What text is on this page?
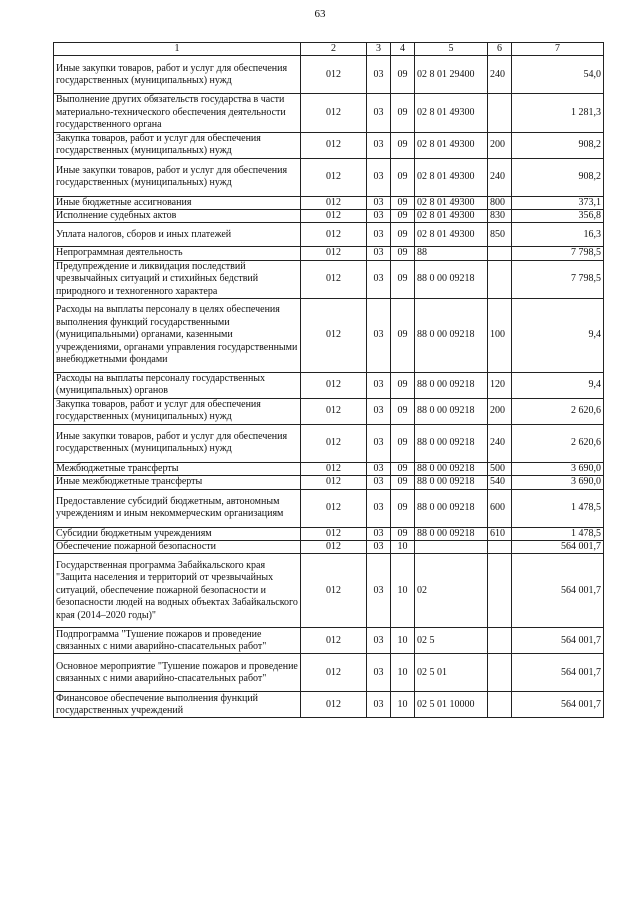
63
1	2	3	4	5	6	7
Иные закупки товаров, работ и услуг для обеспечения государственных (муниципальных) нужд	012	03	09	02 8 01 29400	240	54,0
Выполнение других обязательств государства в части материально-технического обеспечения деятельности государственного органа	012	03	09	02 8 01 49300		1 281,3
Закупка товаров, работ и услуг для обеспечения государственных (муниципальных) нужд	012	03	09	02 8 01 49300	200	908,2
Иные закупки товаров, работ и услуг для обеспечения государственных (муниципальных) нужд	012	03	09	02 8 01 49300	240	908,2
Иные бюджетные ассигнования	012	03	09	02 8 01 49300	800	373,1
Исполнение судебных актов	012	03	09	02 8 01 49300	830	356,8
Уплата налогов, сборов и иных платежей	012	03	09	02 8 01 49300	850	16,3
Непрограммная деятельность	012	03	09	88		7 798,5
Предупреждение и ликвидация последствий чрезвычайных ситуаций и стихийных бедствий природного и техногенного характера	012	03	09	88 0 00 09218		7 798,5
Расходы на выплаты персоналу в целях обеспечения выполнения функций государственными (муниципальными) органами, казенными учреждениями, органами управления государственными внебюджетными фондами	012	03	09	88 0 00 09218	100	9,4
Расходы на выплаты персоналу государственных (муниципальных) органов	012	03	09	88 0 00 09218	120	9,4
Закупка товаров, работ и услуг для обеспечения государственных (муниципальных) нужд	012	03	09	88 0 00 09218	200	2 620,6
Иные закупки товаров, работ и услуг для обеспечения государственных (муниципальных) нужд	012	03	09	88 0 00 09218	240	2 620,6
Межбюджетные трансферты	012	03	09	88 0 00 09218	500	3 690,0
Иные межбюджетные трансферты	012	03	09	88 0 00 09218	540	3 690,0
Предоставление субсидий бюджетным, автономным учреждениям и иным некоммерческим организациям	012	03	09	88 0 00 09218	600	1 478,5
Субсидии бюджетным учреждениям	012	03	09	88 0 00 09218	610	1 478,5
Обеспечение пожарной безопасности	012	03	10			564 001,7
Государственная программа Забайкальского края "Защита населения и территорий от чрезвычайных ситуаций, обеспечение пожарной безопасности и безопасности людей на водных объектах Забайкальского края (2014–2020 годы)"	012	03	10	02		564 001,7
Подпрограмма "Тушение пожаров и проведение связанных с ними аварийно-спасательных работ"	012	03	10	02 5		564 001,7
Основное мероприятие "Тушение пожаров и проведение связанных с ними аварийно-спасательных работ"	012	03	10	02 5 01		564 001,7
Финансовое обеспечение выполнения функций государственных учреждений	012	03	10	02 5 01 10000		564 001,7
